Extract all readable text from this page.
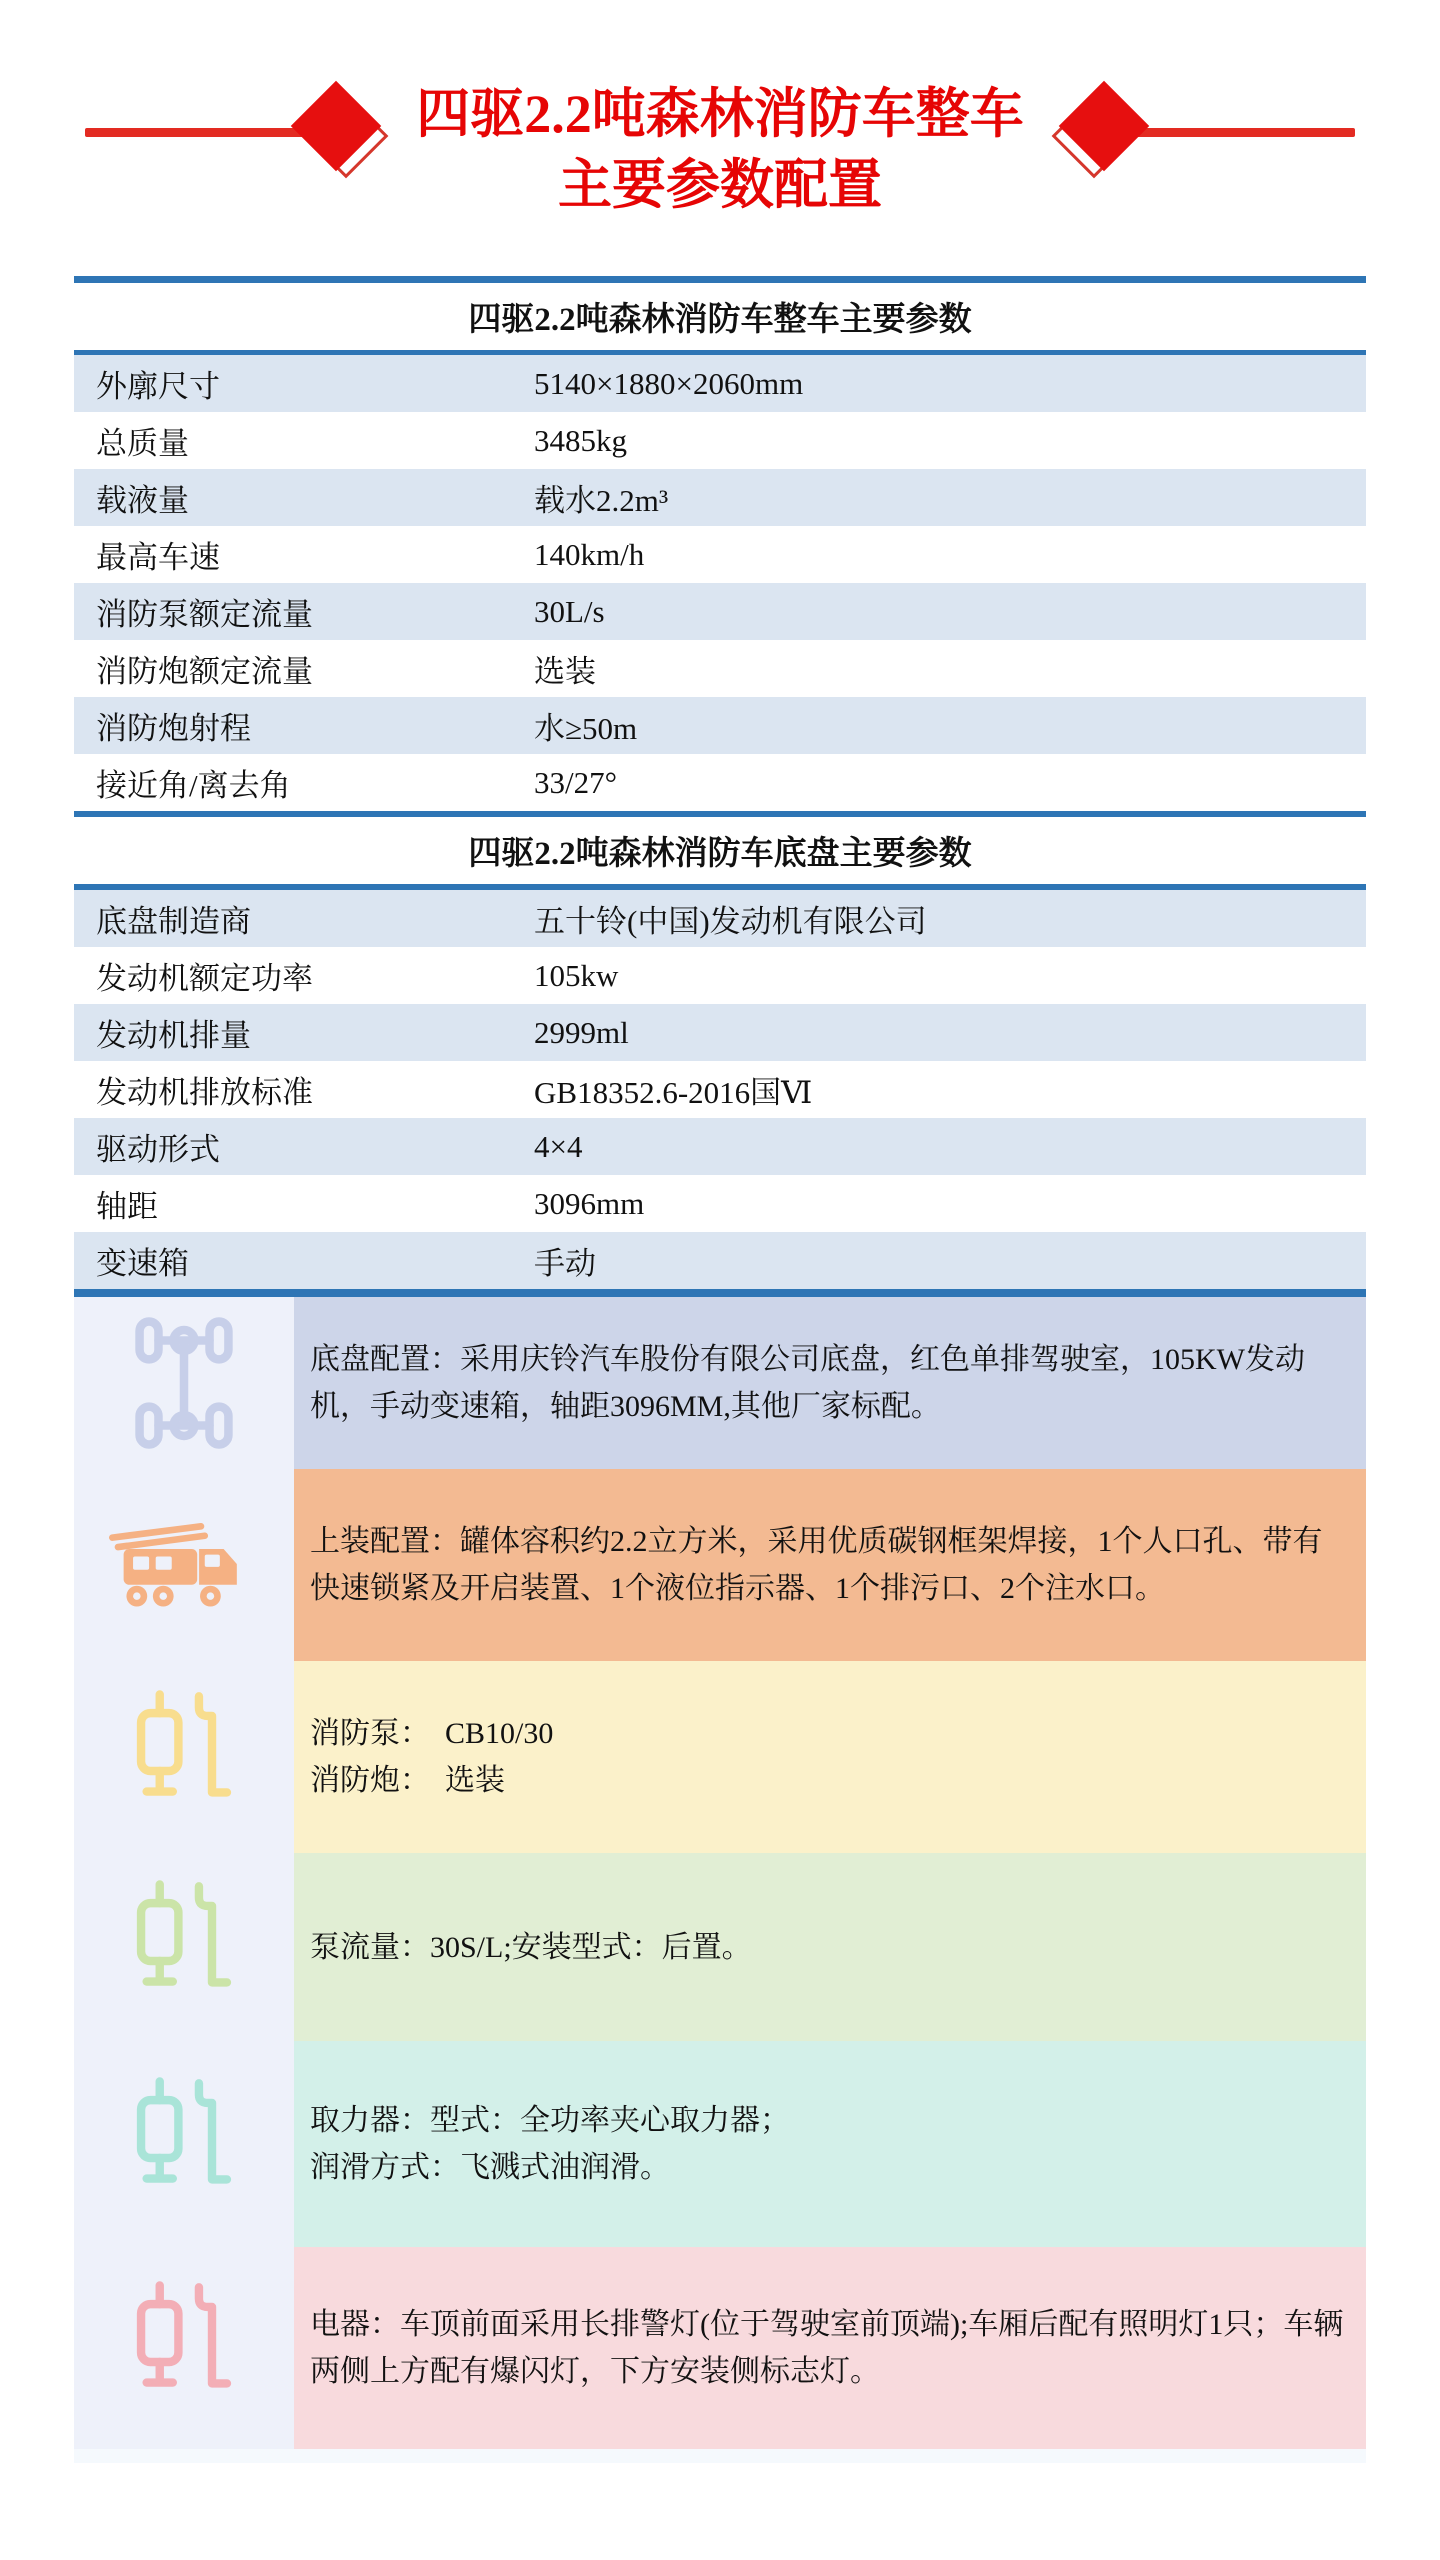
四驱2.2吨森林消防车整车
主要参数配置
四驱2.2吨森林消防车整车主要参数
外廓尺寸	5140×1880×2060mm
总质量	3485kg
载液量	载水2.2m³
最高车速	140km/h
消防泵额定流量	30L/s
消防炮额定流量	选装
消防炮射程	水≥50m
接近角/离去角	33/27°
四驱2.2吨森林消防车底盘主要参数
底盘制造商	五十铃(中国)发动机有限公司
发动机额定功率	105kw
发动机排量	2999ml
发动机排放标准	GB18352.6-2016国Ⅵ
驱动形式	4×4
轴距	3096mm
变速箱	手动
底盘配置：采用庆铃汽车股份有限公司底盘，红色单排驾驶室，105KW发动机，手动变速箱，轴距3096MM,其他厂家标配。
上装配置：罐体容积约2.2立方米，采用优质碳钢框架焊接，1个人口孔、带有快速锁紧及开启装置、1个液位指示器、1个排污口、2个注水口。
消防泵：  CB10/30
消防炮：  选装
泵流量：30S/L;安装型式：后置。
取力器：型式：全功率夹心取力器；
润滑方式：飞溅式油润滑。
电器：车顶前面采用长排警灯(位于驾驶室前顶端);车厢后配有照明灯1只；车辆两侧上方配有爆闪灯，下方安装侧标志灯。
